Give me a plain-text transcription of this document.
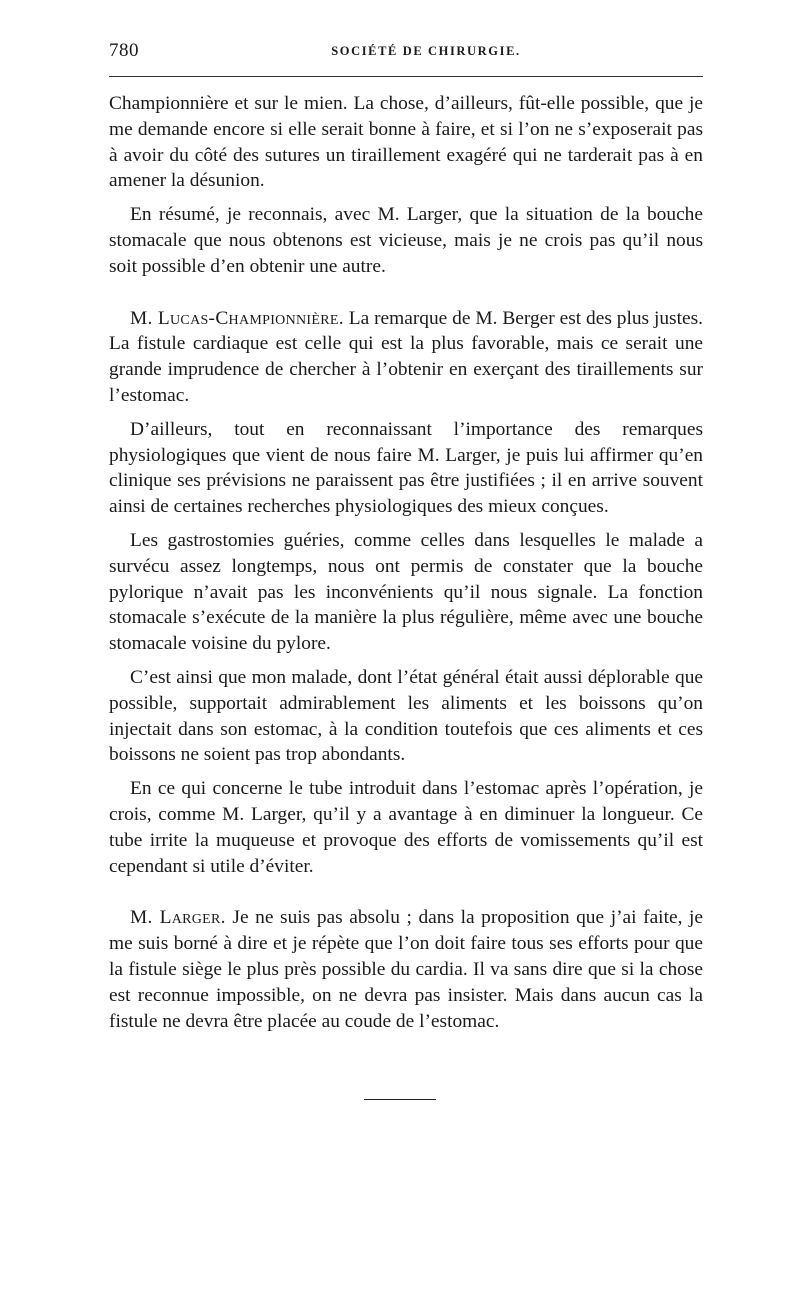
780	SOCIÉTÉ DE CHIRURGIE.

Championnière et sur le mien. La chose, d’ailleurs, fût-elle possible, que je me demande encore si elle serait bonne à faire, et si l’on ne s’exposerait pas à avoir du côté des sutures un tiraillement exagéré qui ne tarderait pas à en amener la désunion.

En résumé, je reconnais, avec M. Larger, que la situation de la bouche stomacale que nous obtenons est vicieuse, mais je ne crois pas qu’il nous soit possible d’en obtenir une autre.

M. Lucas-Championnière. La remarque de M. Berger est des plus justes. La fistule cardiaque est celle qui est la plus favorable, mais ce serait une grande imprudence de chercher à l’obtenir en exerçant des tiraillements sur l’estomac.

D’ailleurs, tout en reconnaissant l’importance des remarques physiologiques que vient de nous faire M. Larger, je puis lui affirmer qu’en clinique ses prévisions ne paraissent pas être justifiées ; il en arrive souvent ainsi de certaines recherches physiologiques des mieux conçues.

Les gastrostomies guéries, comme celles dans lesquelles le malade a survécu assez longtemps, nous ont permis de constater que la bouche pylorique n’avait pas les inconvénients qu’il nous signale. La fonction stomacale s’exécute de la manière la plus régulière, même avec une bouche stomacale voisine du pylore.

C’est ainsi que mon malade, dont l’état général était aussi déplorable que possible, supportait admirablement les aliments et les boissons qu’on injectait dans son estomac, à la condition toutefois que ces aliments et ces boissons ne soient pas trop abondants.

En ce qui concerne le tube introduit dans l’estomac après l’opération, je crois, comme M. Larger, qu’il y a avantage à en diminuer la longueur. Ce tube irrite la muqueuse et provoque des efforts de vomissements qu’il est cependant si utile d’éviter.

M. Larger. Je ne suis pas absolu ; dans la proposition que j’ai faite, je me suis borné à dire et je répète que l’on doit faire tous ses efforts pour que la fistule siège le plus près possible du cardia. Il va sans dire que si la chose est reconnue impossible, on ne devra pas insister. Mais dans aucun cas la fistule ne devra être placée au coude de l’estomac.
